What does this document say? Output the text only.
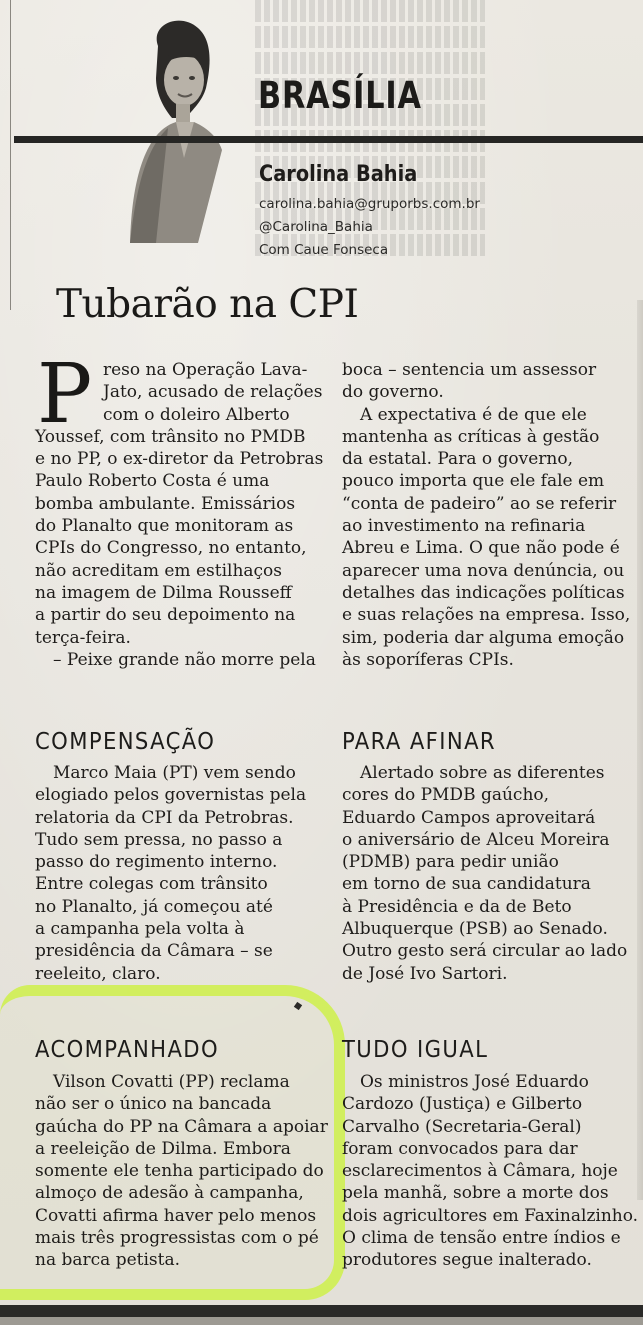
BRASÍLIA
Carolina Bahia
carolina.bahia@gruporbs.com.br
@Carolina_Bahia
Com Caue Fonseca
Tubarão na CPI
P reso na Operação Lava-

Jato, acusado de relações

com o doleiro Alberto

Youssef, com trânsito no PMDB

e no PP, o ex-diretor da Petrobras

Paulo Roberto Costa é uma

bomba ambulante. Emissários

do Planalto que monitoram as

CPIs do Congresso, no entanto,

não acreditam em estilhaços

na imagem de Dilma Rousseff

a partir do seu depoimento na

terça-feira.

– Peixe grande não morre pela

boca – sentencia um assessor

do governo.

A expectativa é de que ele

mantenha as críticas à gestão

da estatal. Para o governo,

pouco importa que ele fale em

“conta de padeiro” ao se referir

ao investimento na refinaria

Abreu e Lima. O que não pode é

aparecer uma nova denúncia, ou

detalhes das indicações políticas

e suas relações na empresa. Isso,

sim, poderia dar alguma emoção

às soporíferas CPIs.

COMPENSAÇÃO

Marco Maia (PT) vem sendo

elogiado pelos governistas pela

relatoria da CPI da Petrobras.

Tudo sem pressa, no passo a

passo do regimento interno.

Entre colegas com trânsito

no Planalto, já começou até

a campanha pela volta à

presidência da Câmara – se

reeleito, claro.

PARA AFINAR

Alertado sobre as diferentes

cores do PMDB gaúcho,

Eduardo Campos aproveitará

o aniversário de Alceu Moreira

(PDMB) para pedir união

em torno de sua candidatura

à Presidência e da de Beto

Albuquerque (PSB) ao Senado.

Outro gesto será circular ao lado

de José Ivo Sartori.

ACOMPANHADO

Vilson Covatti (PP) reclama

não ser o único na bancada

gaúcha do PP na Câmara a apoiar

a reeleição de Dilma. Embora

somente ele tenha participado do

almoço de adesão à campanha,

Covatti afirma haver pelo menos

mais três progressistas com o pé

na barca petista.

TUDO IGUAL

Os ministros José Eduardo

Cardozo (Justiça) e Gilberto

Carvalho (Secretaria-Geral)

foram convocados para dar

esclarecimentos à Câmara, hoje

pela manhã, sobre a morte dos

dois agricultores em Faxinalzinho.

O clima de tensão entre índios e

produtores segue inalterado.
